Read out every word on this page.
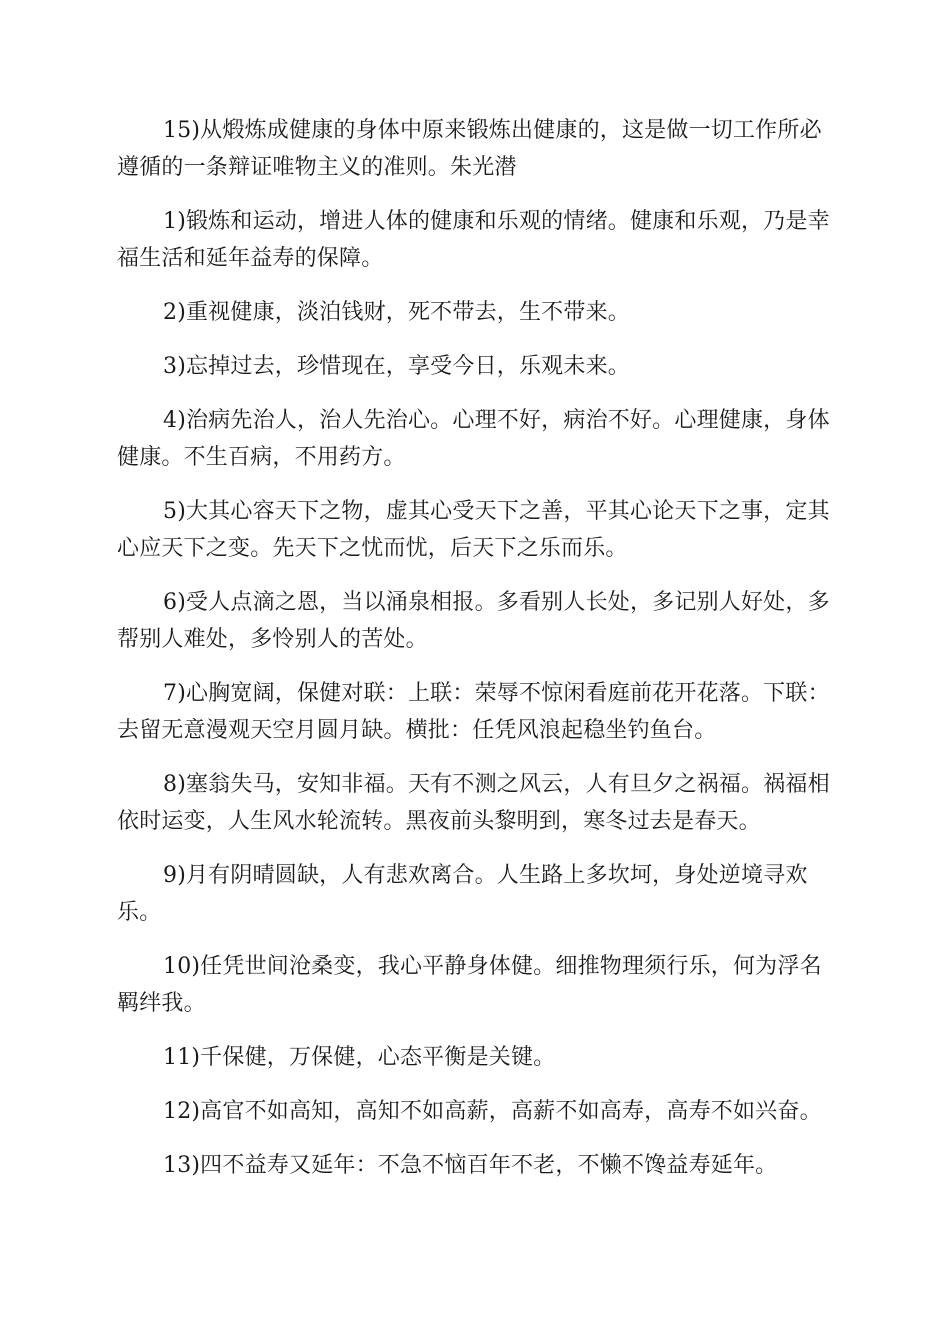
15)从煅炼成健康的身体中原来锻炼出健康的，这是做一切工作所必遵循的一条辩证唯物主义的准则。朱光潜

1)锻炼和运动，增进人体的健康和乐观的情绪。健康和乐观，乃是幸福生活和延年益寿的保障。

2)重视健康，淡泊钱财，死不带去，生不带来。

3)忘掉过去，珍惜现在，享受今日，乐观未来。

4)治病先治人，治人先治心。心理不好，病治不好。心理健康，身体健康。不生百病，不用药方。

5)大其心容天下之物，虚其心受天下之善，平其心论天下之事，定其心应天下之变。先天下之忧而忧，后天下之乐而乐。

6)受人点滴之恩，当以涌泉相报。多看别人长处，多记别人好处，多帮别人难处，多怜别人的苦处。

7)心胸宽阔，保健对联：上联：荣辱不惊闲看庭前花开花落。下联：去留无意漫观天空月圆月缺。横批：任凭风浪起稳坐钓鱼台。

8)塞翁失马，安知非福。天有不测之风云，人有旦夕之祸福。祸福相依时运变，人生风水轮流转。黑夜前头黎明到，寒冬过去是春天。

9)月有阴晴圆缺，人有悲欢离合。人生路上多坎坷，身处逆境寻欢乐。

10)任凭世间沧桑变，我心平静身体健。细推物理须行乐，何为浮名羁绊我。

11)千保健，万保健，心态平衡是关键。

12)高官不如高知，高知不如高薪，高薪不如高寿，高寿不如兴奋。

13)四不益寿又延年：不急不恼百年不老，不懒不馋益寿延年。
